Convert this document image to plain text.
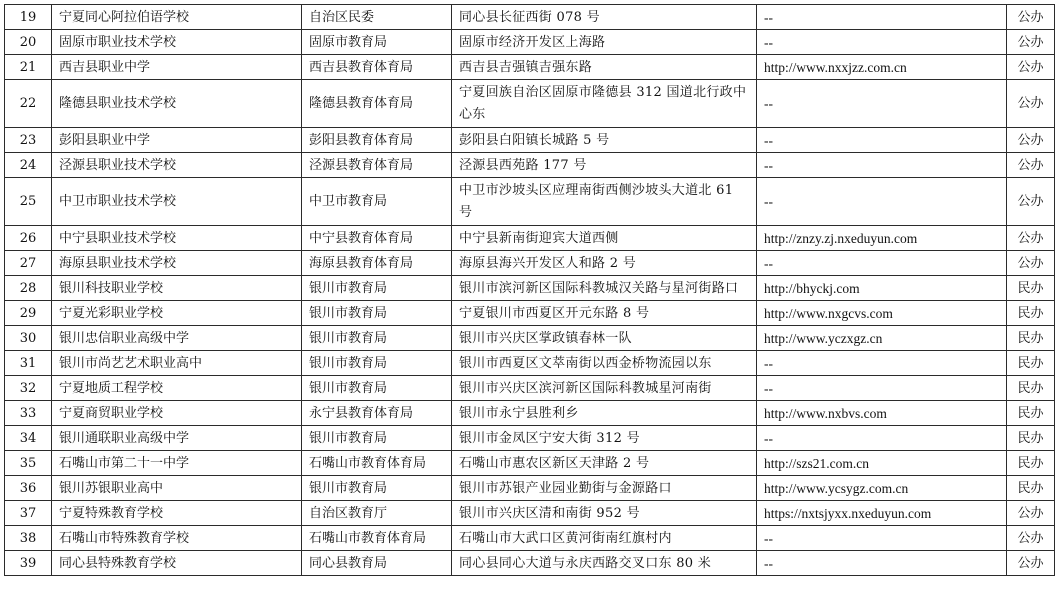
19	宁夏同心阿拉伯语学校	自治区民委	同心县长征西街 078 号	--	公办
20	固原市职业技术学校	固原市教育局	固原市经济开发区上海路	--	公办
21	西吉县职业中学	西吉县教育体育局	西吉县吉强镇吉强东路	http://www.nxxjzz.com.cn	公办
22	隆德县职业技术学校	隆德县教育体育局	宁夏回族自治区固原市隆德县 312 国道北行政中心东	--	公办
23	彭阳县职业中学	彭阳县教育体育局	彭阳县白阳镇长城路 5 号	--	公办
24	泾源县职业技术学校	泾源县教育体育局	泾源县西苑路 177 号	--	公办
25	中卫市职业技术学校	中卫市教育局	中卫市沙坡头区应理南街西侧沙坡头大道北 61 号	--	公办
26	中宁县职业技术学校	中宁县教育体育局	中宁县新南街迎宾大道西侧	http://znzy.zj.nxeduyun.com	公办
27	海原县职业技术学校	海原县教育体育局	海原县海兴开发区人和路 2 号	--	公办
28	银川科技职业学校	银川市教育局	银川市滨河新区国际科教城汉关路与星河街路口	http://bhyckj.com	民办
29	宁夏光彩职业学校	银川市教育局	宁夏银川市西夏区开元东路 8 号	http://www.nxgcvs.com	民办
30	银川忠信职业高级中学	银川市教育局	银川市兴庆区掌政镇春林一队	http://www.yczxgz.cn	民办
31	银川市尚艺艺术职业高中	银川市教育局	银川市西夏区文萃南街以西金桥物流园以东	--	民办
32	宁夏地质工程学校	银川市教育局	银川市兴庆区滨河新区国际科教城星河南街	--	民办
33	宁夏商贸职业学校	永宁县教育体育局	银川市永宁县胜利乡	http://www.nxbvs.com	民办
34	银川通联职业高级中学	银川市教育局	银川市金凤区宁安大街 312 号	--	民办
35	石嘴山市第二十一中学	石嘴山市教育体育局	石嘴山市惠农区新区天津路 2 号	http://szs21.com.cn	民办
36	银川苏银职业高中	银川市教育局	银川市苏银产业园业勤街与金源路口	http://www.ycsygz.com.cn	民办
37	宁夏特殊教育学校	自治区教育厅	银川市兴庆区清和南街 952 号	https://nxtsjyxx.nxeduyun.com	公办
38	石嘴山市特殊教育学校	石嘴山市教育体育局	石嘴山市大武口区黄河街南红旗村内	--	公办
39	同心县特殊教育学校	同心县教育局	同心县同心大道与永庆西路交叉口东 80 米	--	公办
